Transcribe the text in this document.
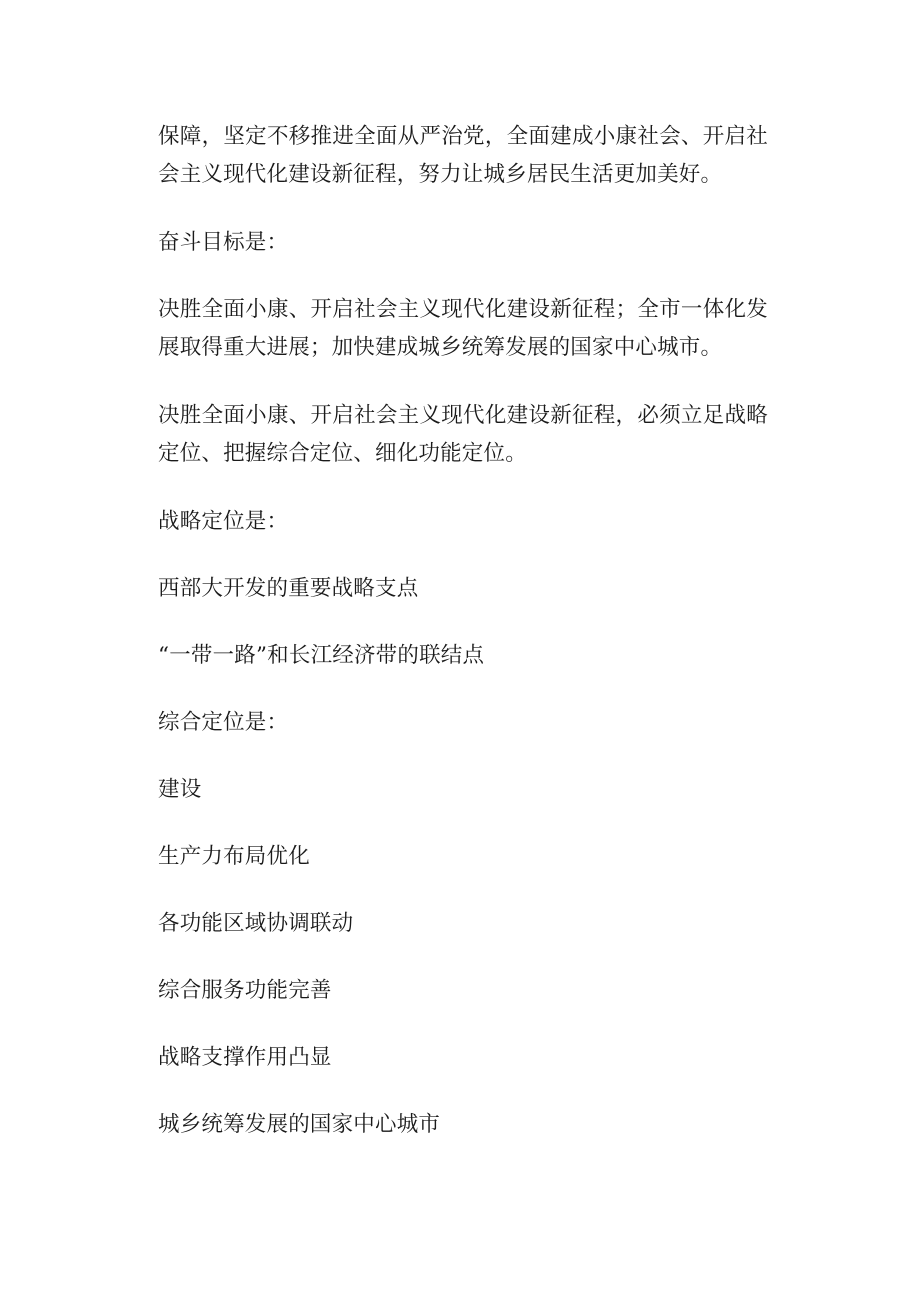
保障，坚定不移推进全面从严治党，全面建成小康社会、开启社会主义现代化建设新征程，努力让城乡居民生活更加美好。

奋斗目标是：

决胜全面小康、开启社会主义现代化建设新征程；全市一体化发展取得重大进展；加快建成城乡统筹发展的国家中心城市。

决胜全面小康、开启社会主义现代化建设新征程，必须立足战略定位、把握综合定位、细化功能定位。

战略定位是：

西部大开发的重要战略支点

“一带一路”和长江经济带的联结点

综合定位是：

建设

生产力布局优化

各功能区域协调联动

综合服务功能完善

战略支撑作用凸显

城乡统筹发展的国家中心城市
